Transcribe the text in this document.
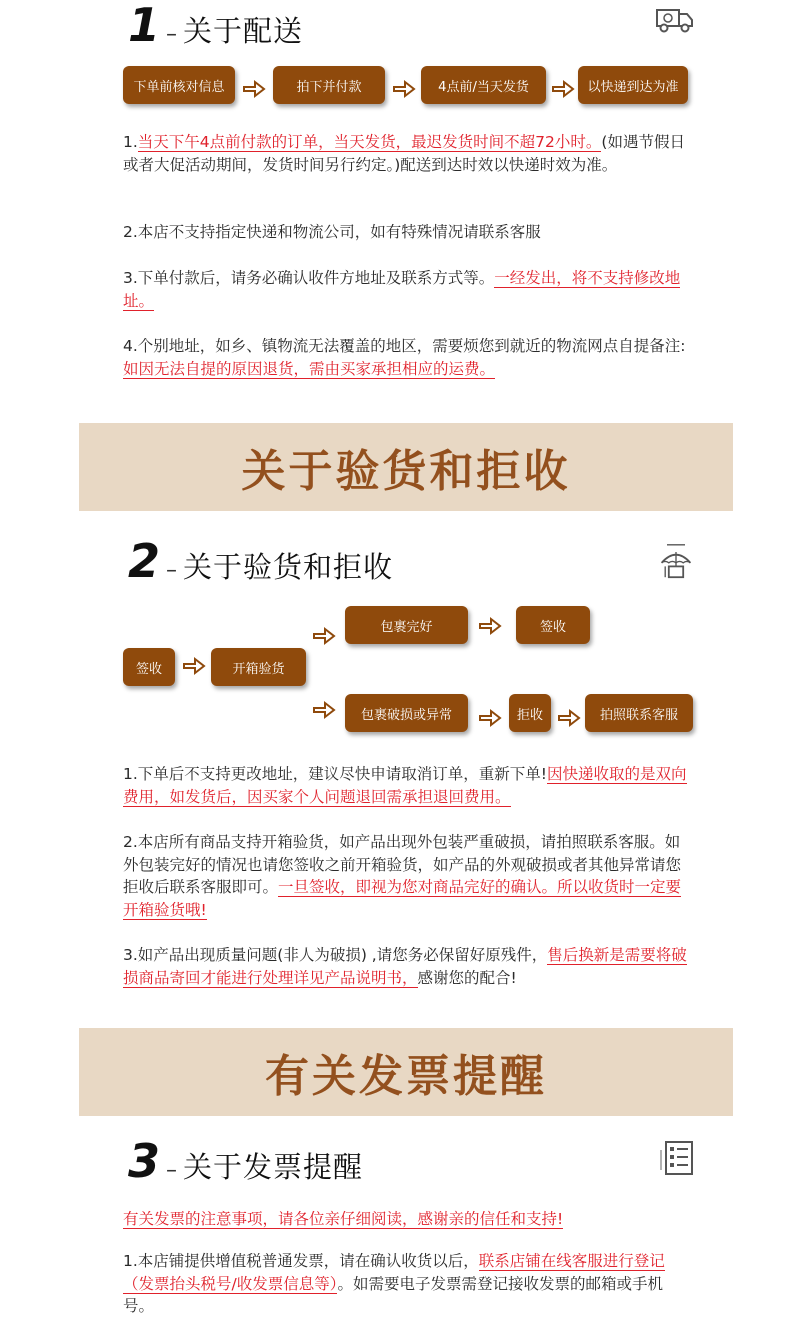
1 – 关于配送
下单前核对信息	拍下并付款	4点前/当天发货	以快递到达为准
1.当天下午4点前付款的订单，当天发货，最迟发货时间不超72小时。(如遇节假日或者大促活动期间，发货时间另行约定。)配送到达时效以快递时效为准。
2.本店不支持指定快递和物流公司，如有特殊情况请联系客服
3.下单付款后，请务必确认收件方地址及联系方式等。一经发出，将不支持修改地址。
4.个别地址，如乡、镇物流无法覆盖的地区，需要烦您到就近的物流网点自提备注:如因无法自提的原因退货，需由买家承担相应的运费。
关于验货和拒收
2 – 关于验货和拒收
签收	开箱验货
包裹完好	签收
包裹破损或异常	拒收	拍照联系客服
1.下单后不支持更改地址，建议尽快申请取消订单，重新下单!因快递收取的是双向费用，如发货后，因买家个人问题退回需承担退回费用。
2.本店所有商品支持开箱验货，如产品出现外包装严重破损，请拍照联系客服。如外包装完好的情况也请您签收之前开箱验货，如产品的外观破损或者其他异常请您拒收后联系客服即可。一旦签收，即视为您对商品完好的确认。所以收货时一定要开箱验货哦!
3.如产品出现质量问题(非人为破损) ,请您务必保留好原残件，售后换新是需要将破损商品寄回才能进行处理详见产品说明书，感谢您的配合!
有关发票提醒
3 – 关于发票提醒
有关发票的注意事项，请各位亲仔细阅读，感谢亲的信任和支持!
1.本店铺提供增值税普通发票，请在确认收货以后，联系店铺在线客服进行登记（发票抬头税号/收发票信息等）。如需要电子发票需登记接收发票的邮箱或手机号。
